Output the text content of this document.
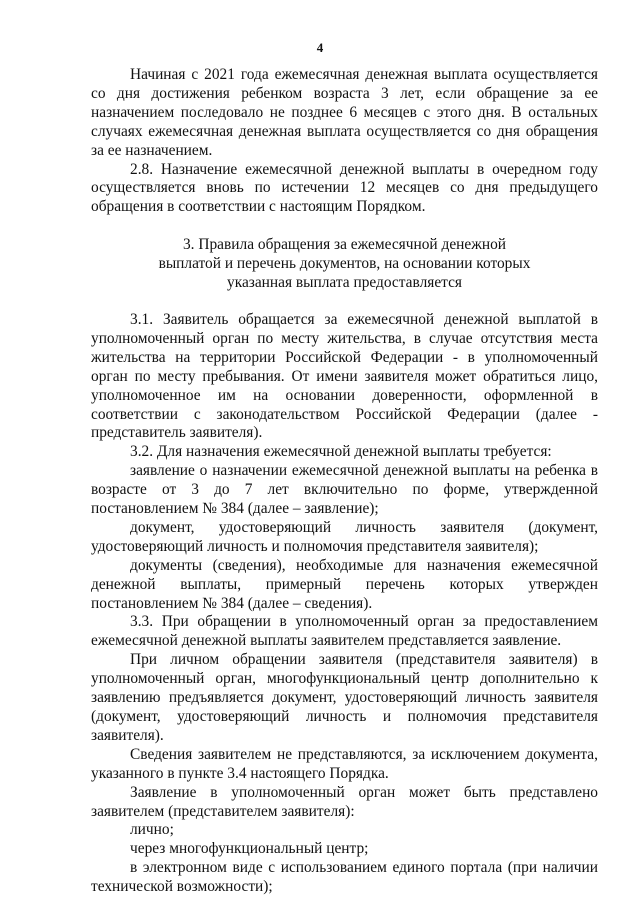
4

Начиная с 2021 года ежемесячная денежная выплата осуществляется со дня достижения ребенком возраста 3 лет, если обращение за ее назначением последовало не позднее 6 месяцев с этого дня. В остальных случаях ежемесячная денежная выплата осуществляется со дня обращения за ее назначением.

2.8. Назначение ежемесячной денежной выплаты в очередном году осуществляется вновь по истечении 12 месяцев со дня предыдущего обращения в соответствии с настоящим Порядком.

3. Правила обращения за ежемесячной денежной
выплатой и перечень документов, на основании которых
указанная выплата предоставляется

3.1. Заявитель обращается за ежемесячной денежной выплатой в уполномоченный орган по месту жительства, в случае отсутствия места жительства на территории Российской Федерации - в уполномоченный орган по месту пребывания. От имени заявителя может обратиться лицо, уполномоченное им на основании доверенности, оформленной в соответствии с законодательством Российской Федерации (далее - представитель заявителя).

3.2. Для назначения ежемесячной денежной выплаты требуется:

заявление о назначении ежемесячной денежной выплаты на ребенка в возрасте от 3 до 7 лет включительно по форме, утвержденной постановлением № 384 (далее – заявление);

документ, удостоверяющий личность заявителя (документ, удостоверяющий личность и полномочия представителя заявителя);

документы (сведения), необходимые для назначения ежемесячной денежной выплаты, примерный перечень которых утвержден постановлением № 384 (далее – сведения).

3.3. При обращении в уполномоченный орган за предоставлением ежемесячной денежной выплаты заявителем представляется заявление.

При личном обращении заявителя (представителя заявителя) в уполномоченный орган, многофункциональный центр дополнительно к заявлению предъявляется документ, удостоверяющий личность заявителя (документ, удостоверяющий личность и полномочия представителя заявителя).

Сведения заявителем не представляются, за исключением документа, указанного в пункте 3.4 настоящего Порядка.

Заявление в уполномоченный орган может быть представлено заявителем (представителем заявителя):

лично;

через многофункциональный центр;

в электронном виде с использованием единого портала (при наличии технической возможности);
